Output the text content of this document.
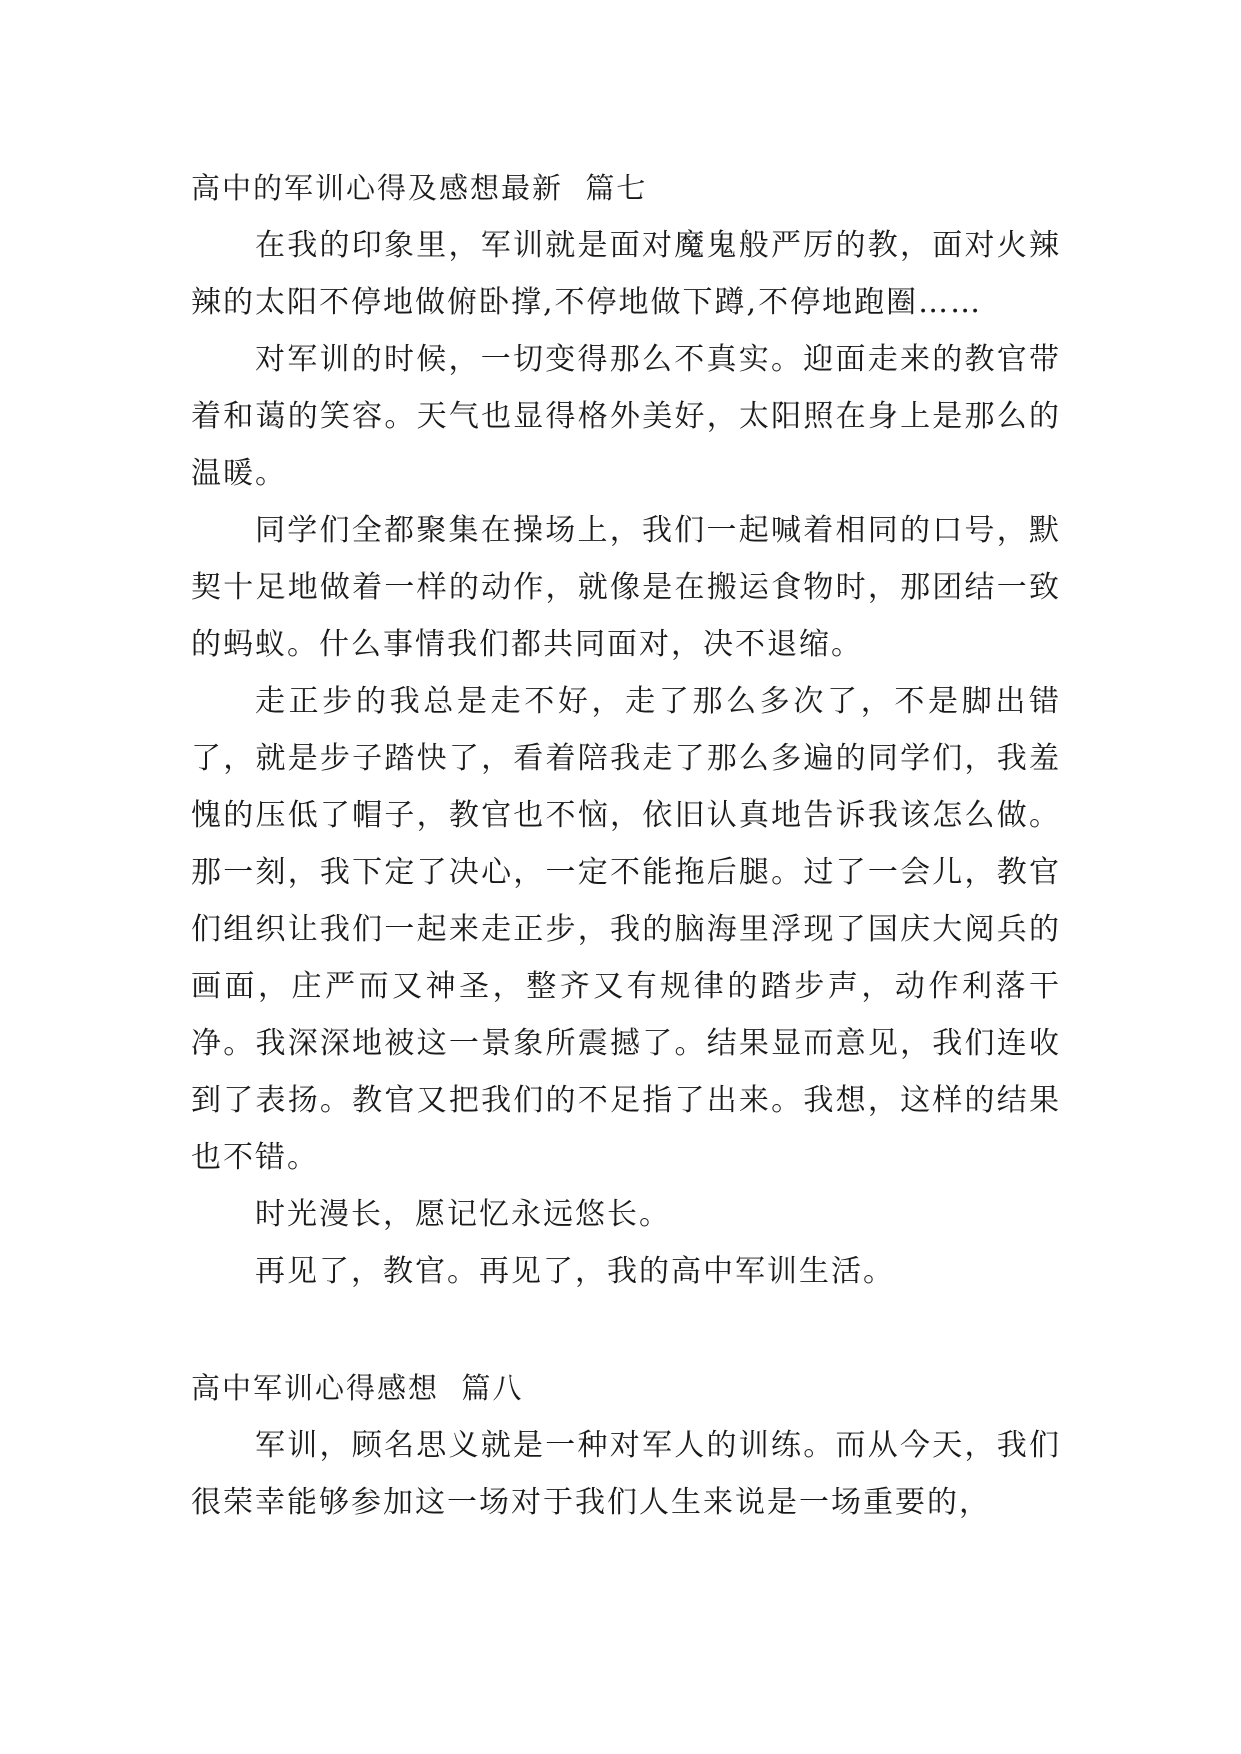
高中的军训心得及感想最新  篇七

在我的印象里，军训就是面对魔鬼般严厉的教，面对火辣辣的太阳不停地做俯卧撑,不停地做下蹲,不停地跑圈……

对军训的时候，一切变得那么不真实。迎面走来的教官带着和蔼的笑容。天气也显得格外美好，太阳照在身上是那么的温暖。

同学们全都聚集在操场上，我们一起喊着相同的口号，默契十足地做着一样的动作，就像是在搬运食物时，那团结一致的蚂蚁。什么事情我们都共同面对，决不退缩。

走正步的我总是走不好，走了那么多次了，不是脚出错了，就是步子踏快了，看着陪我走了那么多遍的同学们，我羞愧的压低了帽子，教官也不恼，依旧认真地告诉我该怎么做。那一刻，我下定了决心，一定不能拖后腿。过了一会儿，教官们组织让我们一起来走正步，我的脑海里浮现了国庆大阅兵的画面，庄严而又神圣，整齐又有规律的踏步声，动作利落干净。我深深地被这一景象所震撼了。结果显而意见，我们连收到了表扬。教官又把我们的不足指了出来。我想，这样的结果也不错。

时光漫长，愿记忆永远悠长。

再见了，教官。再见了，我的高中军训生活。

高中军训心得感想  篇八

军训，顾名思义就是一种对军人的训练。而从今天，我们很荣幸能够参加这一场对于我们人生来说是一场重要的，
